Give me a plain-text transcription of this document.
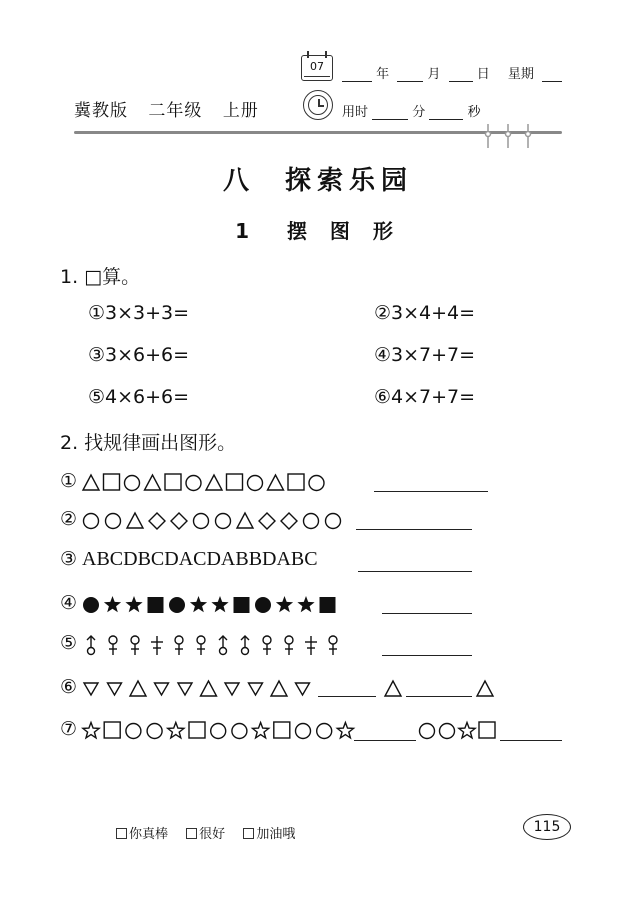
冀教版 二年级 上册
07
年	月	日 星期
用时	分	秒
八  探索乐园
1  摆 图 形
1. □算。
①3×3+3=	②3×4+4=
③3×6+6=	④3×7+7=
⑤4×6+6=	⑥4×7+7=
2. 找规律画出图形。
①
②
③ ABCDBCDACDABBDABC
④
⑤
⑥
⑦
你真棒 很好 加油哦	115
